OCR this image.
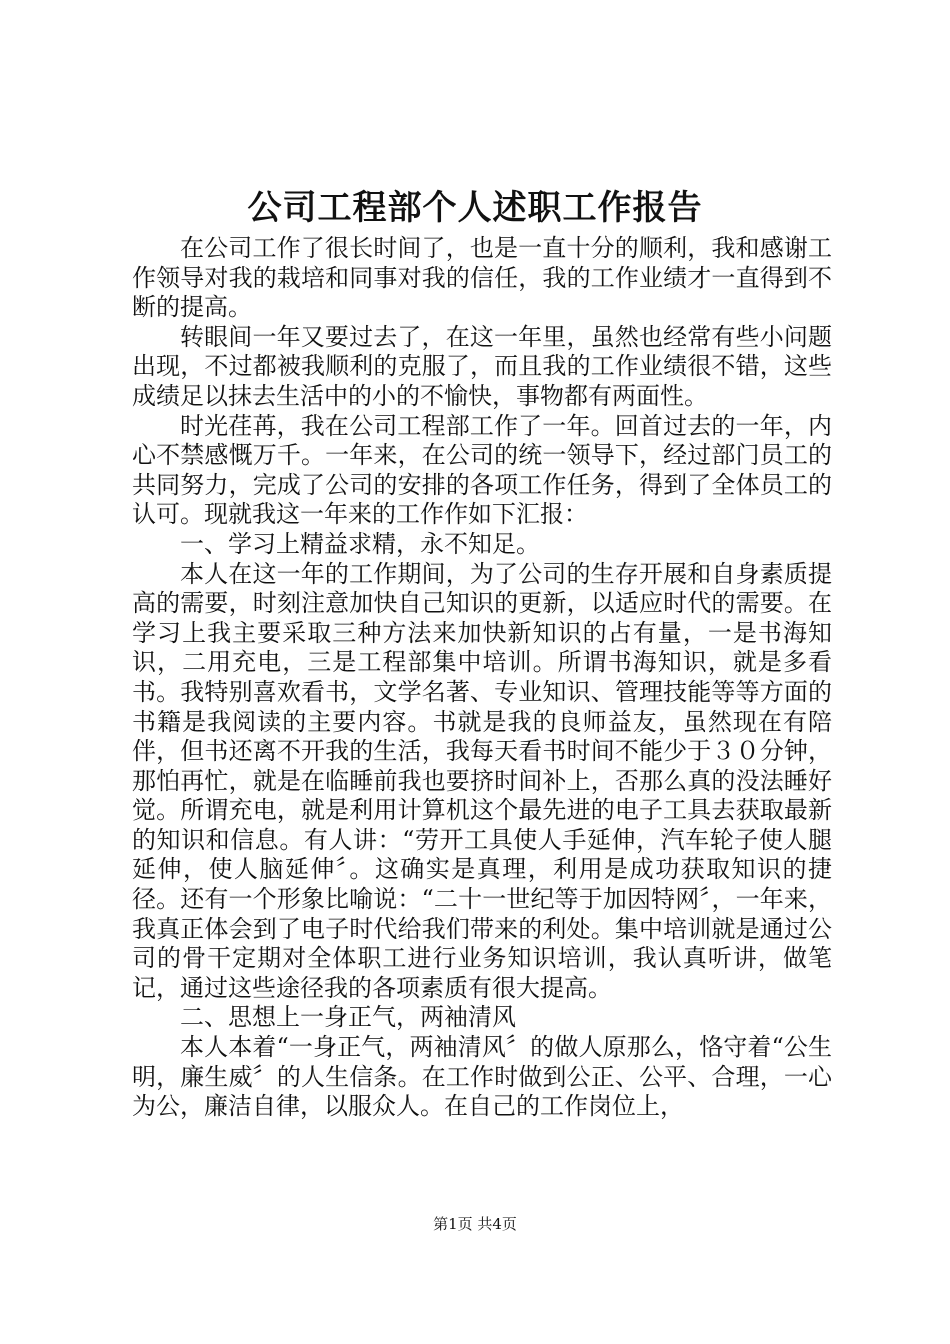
公司工程部个人述职工作报告

在公司工作了很长时间了，也是一直十分的顺利，我和感谢工作领导对我的栽培和同事对我的信任，我的工作业绩才一直得到不断的提高。

转眼间一年又要过去了，在这一年里，虽然也经常有些小问题出现，不过都被我顺利的克服了，而且我的工作业绩很不错，这些成绩足以抹去生活中的小的不愉快，事物都有两面性。

时光荏苒，我在公司工程部工作了一年。回首过去的一年，内心不禁感慨万千。一年来，在公司的统一领导下，经过部门员工的共同努力，完成了公司的安排的各项工作任务，得到了全体员工的认可。现就我这一年来的工作作如下汇报：

一、学习上精益求精，永不知足。

本人在这一年的工作期间，为了公司的生存开展和自身素质提高的需要，时刻注意加快自己知识的更新，以适应时代的需要。在学习上我主要采取三种方法来加快新知识的占有量，一是书海知识，二用充电，三是工程部集中培训。所谓书海知识，就是多看书。我特别喜欢看书，文学名著、专业知识、管理技能等等方面的书籍是我阅读的主要内容。书就是我的良师益友，虽然现在有陪伴，但书还离不开我的生活，我每天看书时间不能少于３０分钟，那怕再忙，就是在临睡前我也要挤时间补上，否那么真的没法睡好觉。所谓充电，就是利用计算机这个最先进的电子工具去获取最新的知识和信息。有人讲：“劳开工具使人手延伸，汽车轮子使人腿延伸，使人脑延伸〞。这确实是真理，利用是成功获取知识的捷径。还有一个形象比喻说：“二十一世纪等于加因特网〞，一年来，我真正体会到了电子时代给我们带来的利处。集中培训就是通过公司的骨干定期对全体职工进行业务知识培训，我认真听讲，做笔记，通过这些途径我的各项素质有很大提高。

二、思想上一身正气，两袖清风

本人本着“一身正气，两袖清风〞的做人原那么，恪守着“公生明，廉生威〞的人生信条。在工作时做到公正、公平、合理，一心为公，廉洁自律，以服众人。在自己的工作岗位上，

第1页 共4页
